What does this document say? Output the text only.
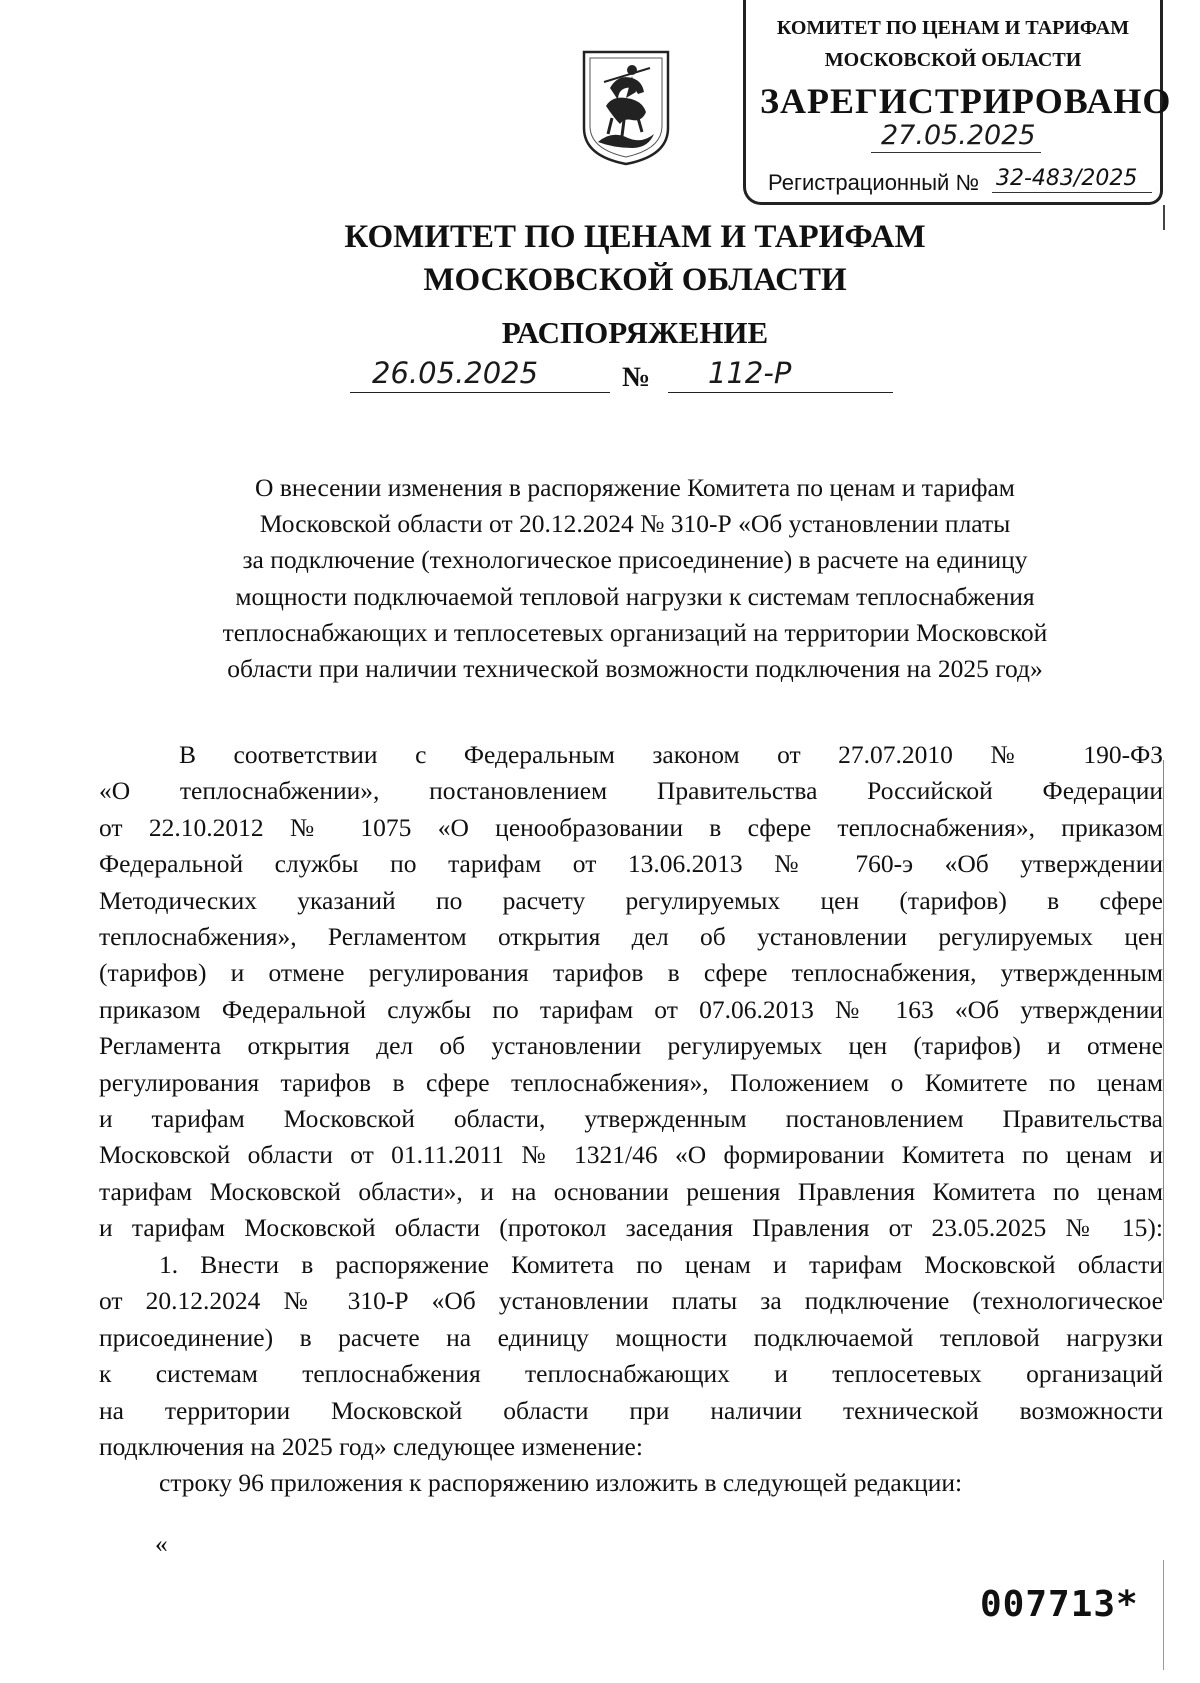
КОМИТЕТ ПО ЦЕНАМ И ТАРИФАМ
МОСКОВСКОЙ ОБЛАСТИ
ЗАРЕГИСТРИРОВАНО
27.05.2025
Регистрационный № 32-483/2025
КОМИТЕТ ПО ЦЕНАМ И ТАРИФАМ
МОСКОВСКОЙ ОБЛАСТИ
РАСПОРЯЖЕНИЕ
26.05.2025	№ 112-Р
О внесении изменения в распоряжение Комитета по ценам и тарифам
Московской области от 20.12.2024 № 310-Р «Об установлении платы
за подключение (технологическое присоединение) в расчете на единицу
мощности подключаемой тепловой нагрузки к системам теплоснабжения
теплоснабжающих и теплосетевых организаций на территории Московской
области при наличии технической возможности подключения на 2025 год»
В соответствии с Федеральным законом от 27.07.2010 № 190-ФЗ
«О теплоснабжении», постановлением Правительства Российской Федерации
от 22.10.2012 № 1075 «О ценообразовании в сфере теплоснабжения», приказом
Федеральной службы по тарифам от 13.06.2013 № 760-э «Об утверждении
Методических указаний по расчету регулируемых цен (тарифов) в сфере
теплоснабжения», Регламентом открытия дел об установлении регулируемых цен
(тарифов) и отмене регулирования тарифов в сфере теплоснабжения, утвержденным
приказом Федеральной службы по тарифам от 07.06.2013 № 163 «Об утверждении
Регламента открытия дел об установлении регулируемых цен (тарифов) и отмене
регулирования тарифов в сфере теплоснабжения», Положением о Комитете по ценам
и тарифам Московской области, утвержденным постановлением Правительства
Московской области от 01.11.2011 № 1321/46 «О формировании Комитета по ценам и
тарифам Московской области», и на основании решения Правления Комитета по ценам
и тарифам Московской области (протокол заседания Правления от 23.05.2025 № 15):
1. Внести в распоряжение Комитета по ценам и тарифам Московской области
от 20.12.2024 № 310-Р «Об установлении платы за подключение (технологическое
присоединение) в расчете на единицу мощности подключаемой тепловой нагрузки
к системам теплоснабжения теплоснабжающих и теплосетевых организаций
на территории Московской области при наличии технической возможности
подключения на 2025 год» следующее изменение:
строку 96 приложения к распоряжению изложить в следующей редакции:
«
007713*
